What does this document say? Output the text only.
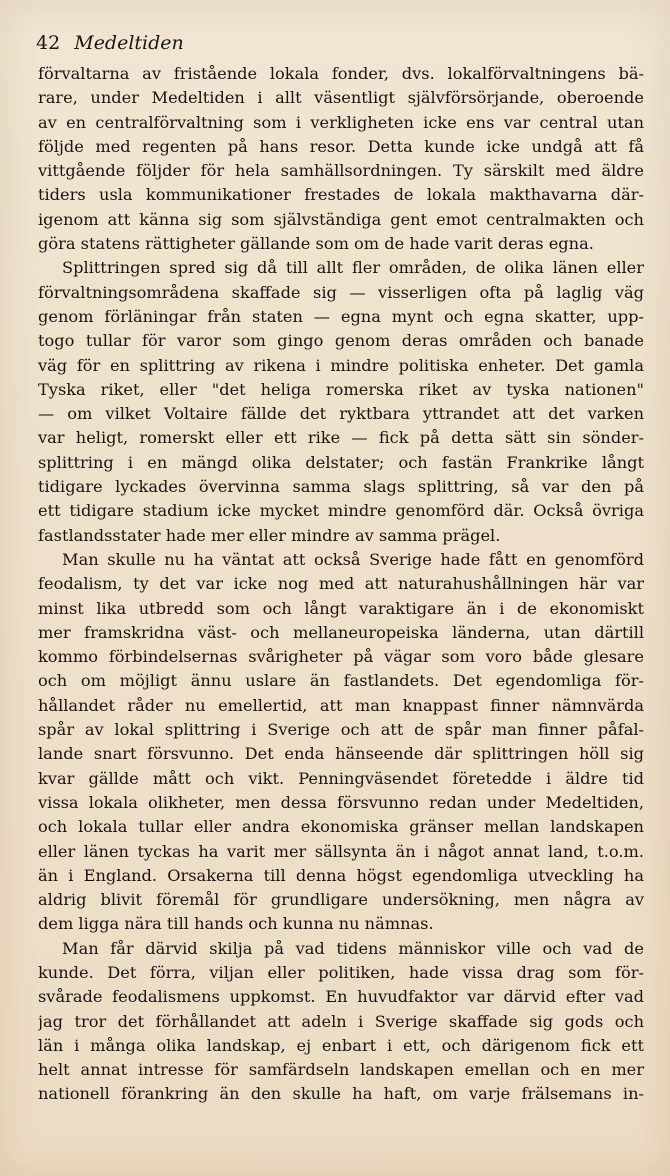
42 Medeltiden
förvaltarna av fristående lokala fonder, dvs. lokalförvaltningens bä-
rare, under Medeltiden i allt väsentligt självförsörjande, oberoende
av en centralförvaltning som i verkligheten icke ens var central utan
följde med regenten på hans resor. Detta kunde icke undgå att få
vittgående följder för hela samhällsordningen. Ty särskilt med äldre
tiders usla kommunikationer frestades de lokala makthavarna där-
igenom att känna sig som självständiga gent emot centralmakten och
göra statens rättigheter gällande som om de hade varit deras egna.
Splittringen spred sig då till allt fler områden, de olika länen eller
förvaltningsområdena skaffade sig — visserligen ofta på laglig väg
genom förläningar från staten — egna mynt och egna skatter, upp-
togo tullar för varor som gingo genom deras områden och banade
väg för en splittring av rikena i mindre politiska enheter. Det gamla
Tyska riket, eller "det heliga romerska riket av tyska nationen"
— om vilket Voltaire fällde det ryktbara yttrandet att det varken
var heligt, romerskt eller ett rike — fick på detta sätt sin sönder-
splittring i en mängd olika delstater; och fastän Frankrike långt
tidigare lyckades övervinna samma slags splittring, så var den på
ett tidigare stadium icke mycket mindre genomförd där. Också övriga
fastlandsstater hade mer eller mindre av samma prägel.
Man skulle nu ha väntat att också Sverige hade fått en genomförd
feodalism, ty det var icke nog med att naturahushållningen här var
minst lika utbredd som och långt varaktigare än i de ekonomiskt
mer framskridna väst- och mellaneuropeiska länderna, utan därtill
kommo förbindelsernas svårigheter på vägar som voro både glesare
och om möjligt ännu uslare än fastlandets. Det egendomliga för-
hållandet råder nu emellertid, att man knappast finner nämnvärda
spår av lokal splittring i Sverige och att de spår man finner påfal-
lande snart försvunno. Det enda hänseende där splittringen höll sig
kvar gällde mått och vikt. Penningväsendet företedde i äldre tid
vissa lokala olikheter, men dessa försvunno redan under Medeltiden,
och lokala tullar eller andra ekonomiska gränser mellan landskapen
eller länen tyckas ha varit mer sällsynta än i något annat land, t.o.m.
än i England. Orsakerna till denna högst egendomliga utveckling ha
aldrig blivit föremål för grundligare undersökning, men några av
dem ligga nära till hands och kunna nu nämnas.
Man får därvid skilja på vad tidens människor ville och vad de
kunde. Det förra, viljan eller politiken, hade vissa drag som för-
svårade feodalismens uppkomst. En huvudfaktor var därvid efter vad
jag tror det förhållandet att adeln i Sverige skaffade sig gods och
län i många olika landskap, ej enbart i ett, och därigenom fick ett
helt annat intresse för samfärdseln landskapen emellan och en mer
nationell förankring än den skulle ha haft, om varje frälsemans in-
